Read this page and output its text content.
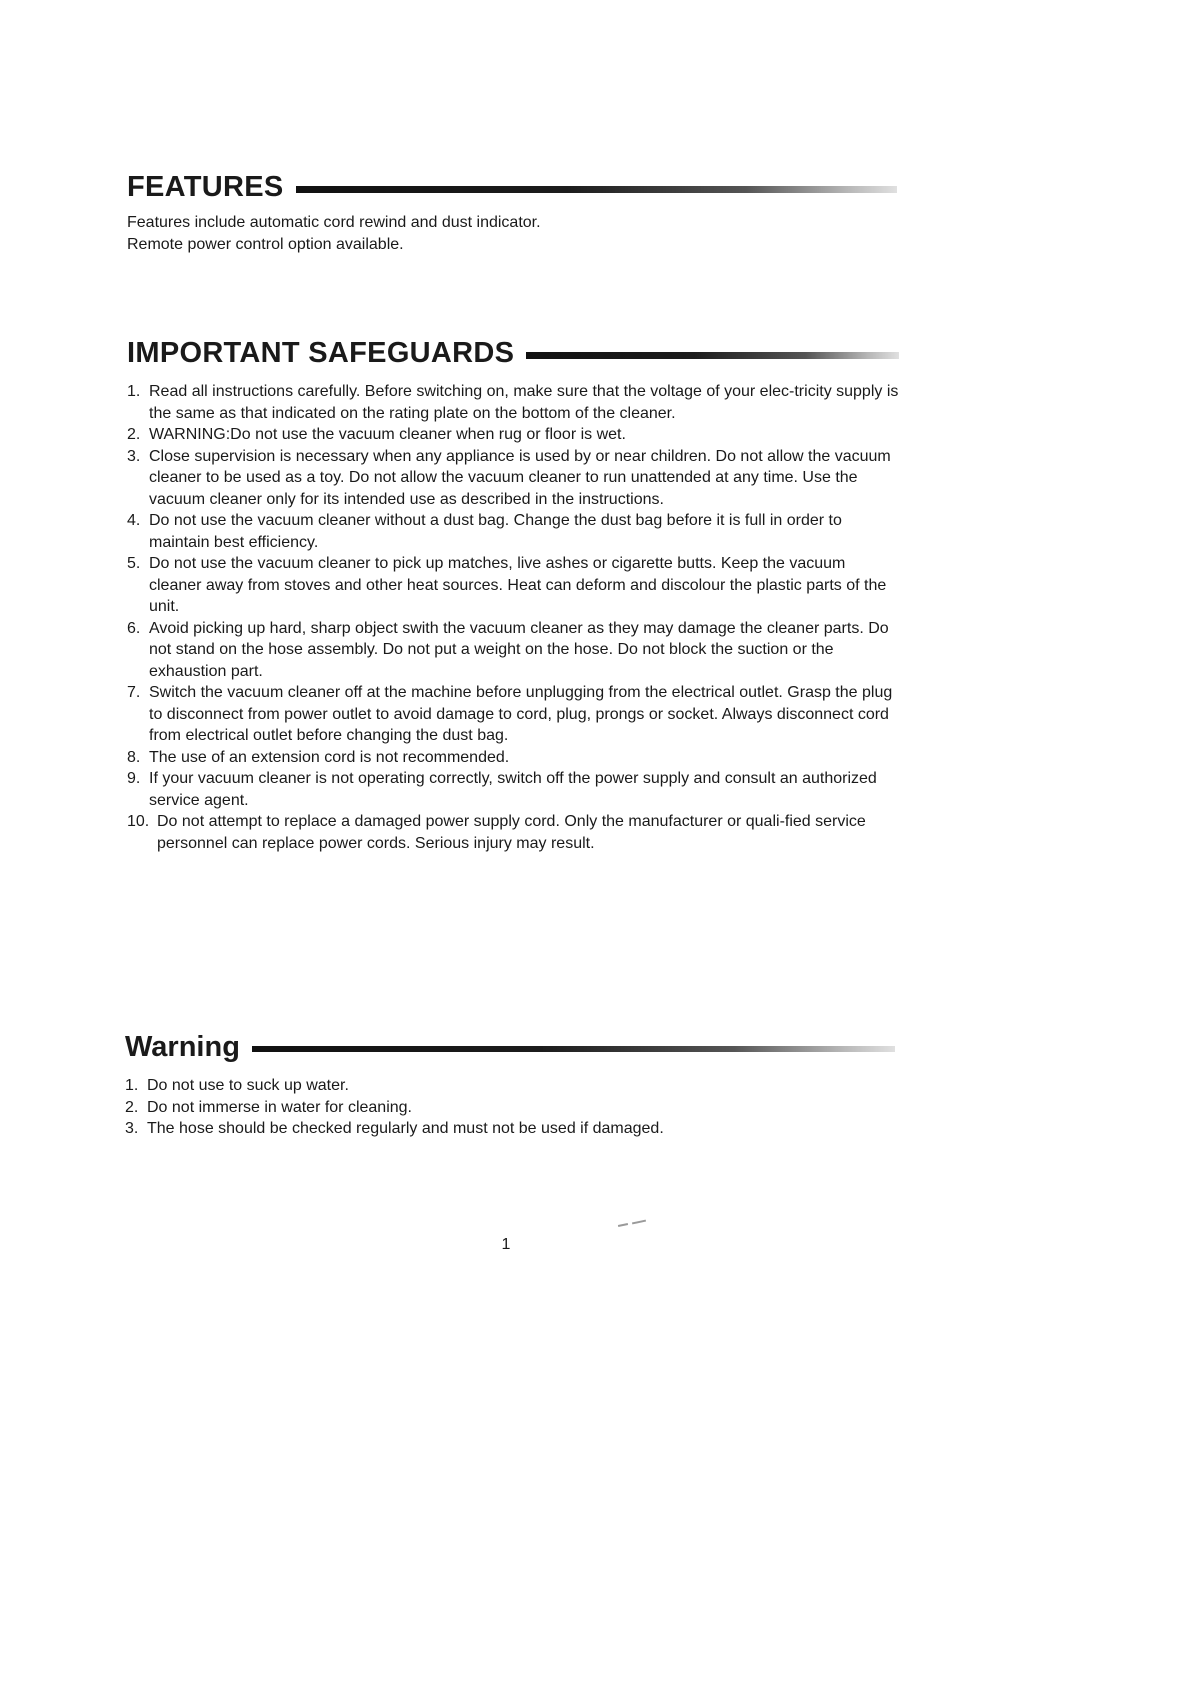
FEATURES
Features include automatic cord rewind and dust indicator.
Remote power control option available.
IMPORTANT SAFEGUARDS
1. Read all instructions carefully. Before switching on, make sure that the voltage of your elec-tricity supply is the same as that indicated on the rating plate on the bottom of the cleaner.
2. WARNING:Do not use the vacuum cleaner when rug or floor is wet.
3. Close supervision is necessary when any appliance is used by or near children. Do not allow the vacuum cleaner to be used as a toy. Do not allow the vacuum cleaner to run unattended at any time. Use the vacuum cleaner only for its intended use as described in the instructions.
4. Do not use the vacuum cleaner without a dust bag. Change the dust bag before it is full in order to maintain best efficiency.
5. Do not use the vacuum cleaner to pick up matches, live ashes or cigarette butts. Keep the vacuum cleaner away from stoves and other heat sources. Heat can deform and discolour the plastic parts of the unit.
6. Avoid picking up hard, sharp object swith the vacuum cleaner as they may damage the cleaner parts. Do not stand on the hose assembly. Do not put a weight on the hose. Do not block the suction or the exhaustion part.
7. Switch the vacuum cleaner off at the machine before unplugging from the electrical outlet. Grasp the plug to disconnect from power outlet to avoid damage to cord, plug, prongs or socket. Always disconnect cord from electrical outlet before changing the dust bag.
8. The use of an extension cord is not recommended.
9. If your vacuum cleaner is not operating correctly, switch off the power supply and consult an authorized service agent.
10. Do not attempt to replace a damaged power supply cord. Only the manufacturer or quali-fied service personnel can replace power cords. Serious injury may result.
Warning
1. Do not use to suck up water.
2. Do not immerse in water for cleaning.
3. The hose should be checked regularly and must not be used if damaged.
1
